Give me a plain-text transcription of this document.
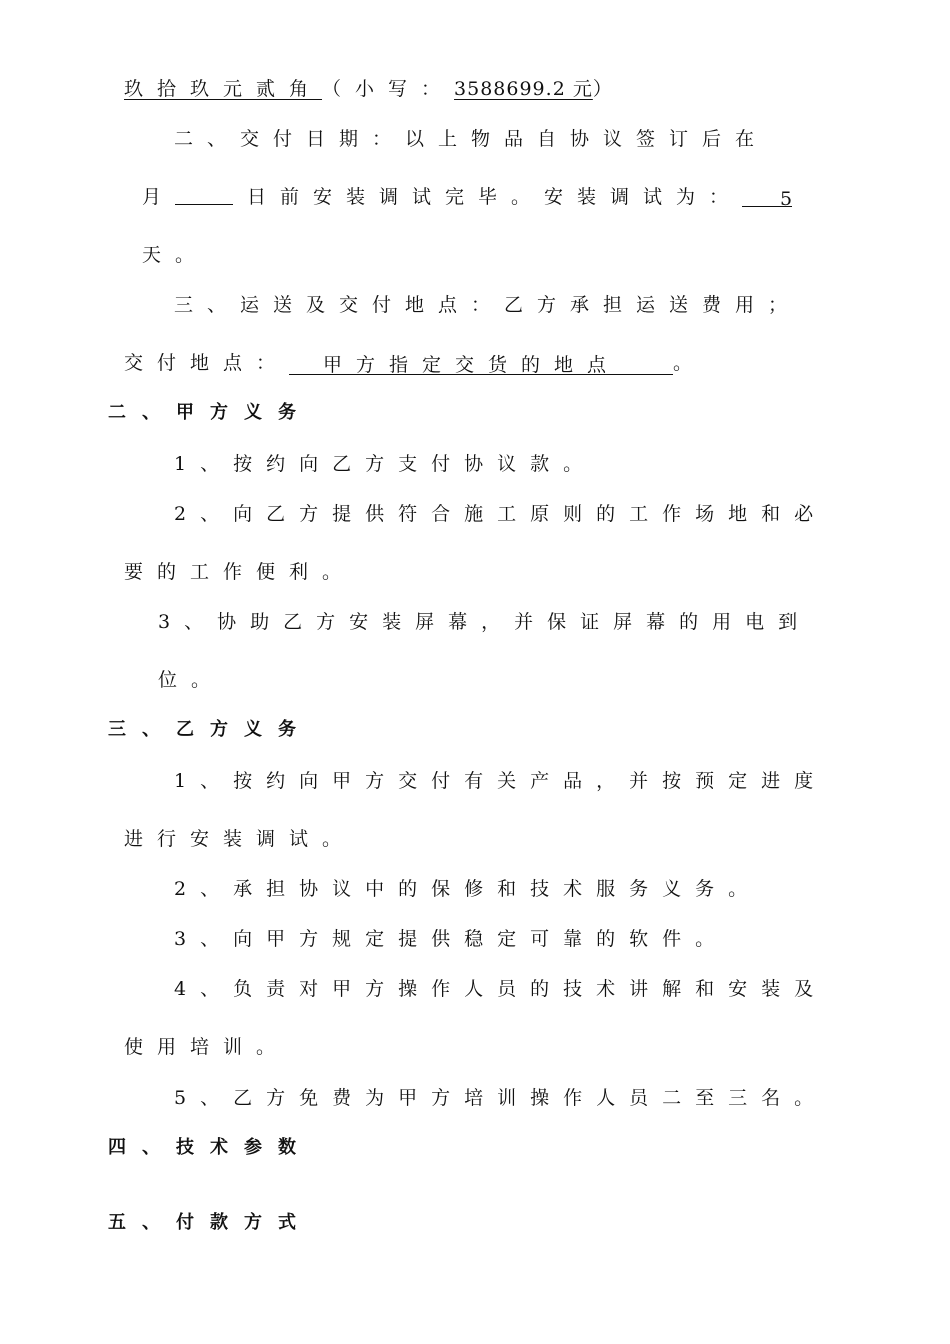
玖拾玖元贰角（小写：3588699.2 元）
二、交付日期：以上物品自协议签订后在
月	日前安装调试完毕。安装调试为： 5
天。
三、运送及交付地点：乙方承担运送费用；
交付地点： 甲方指定交货的地点	。
二、甲方义务
1、按约向乙方支付协议款。
2、向乙方提供符合施工原则的工作场地和必
要的工作便利。
3、协助乙方安装屏幕，并保证屏幕的用电到
位。
三、乙方义务
1、按约向甲方交付有关产品，并按预定进度
进行安装调试。
2、承担协议中的保修和技术服务义务。
3、向甲方规定提供稳定可靠的软件。
4、负责对甲方操作人员的技术讲解和安装及
使用培训。
5、乙方免费为甲方培训操作人员二至三名。
四、技术参数
五、付款方式
